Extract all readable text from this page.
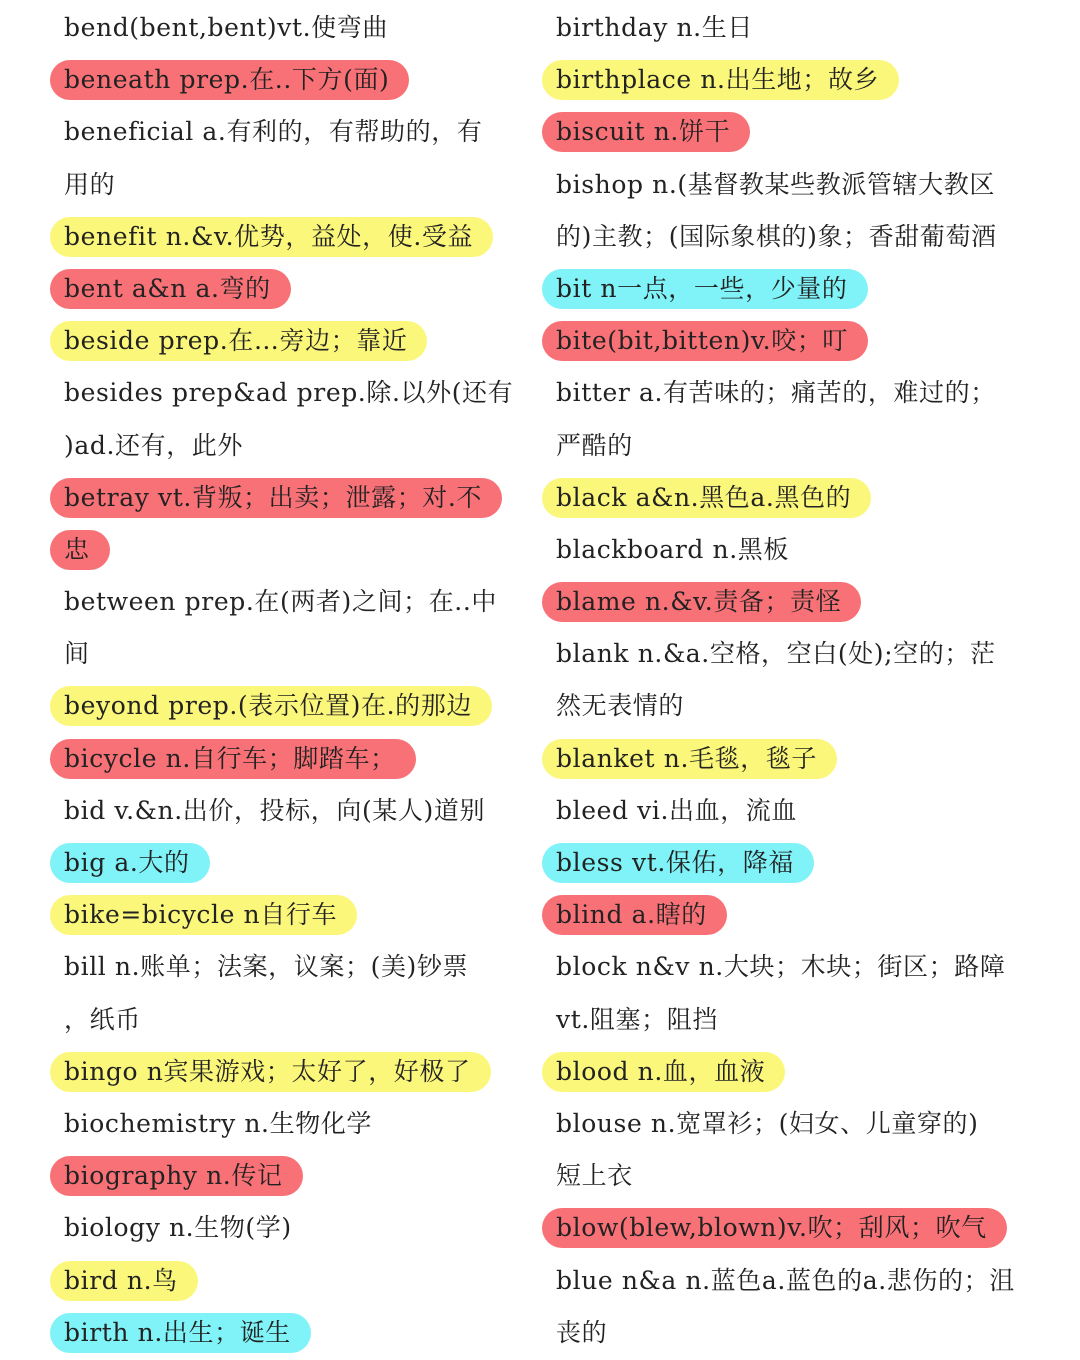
bend(bent,bent)vt.使弯曲
beneath prep.在..下方(面)
beneficial a.有利的，有帮助的，有
用的
benefit n.&v.优势，益处，使.受益
bent a&n a.弯的
beside prep.在…旁边；靠近
besides prep&ad prep.除.以外(还有
)ad.还有，此外
betray vt.背叛；出卖；泄露；对.不
忠
between prep.在(两者)之间；在..中
间
beyond prep.(表示位置)在.的那边
bicycle n.自行车；脚踏车；
bid v.&n.出价，投标，向(某人)道别
big a.大的
bike=bicycle n自行车
bill n.账单；法案，议案；(美)钞票
，纸币
bingo n宾果游戏；太好了，好极了
biochemistry n.生物化学
biography n.传记
biology n.生物(学)
bird n.鸟
birth n.出生；诞生
birthday n.生日
birthplace n.出生地；故乡
biscuit n.饼干
bishop n.(基督教某些教派管辖大教区
的)主教；(国际象棋的)象；香甜葡萄酒
bit n一点，一些，少量的
bite(bit,bitten)v.咬；叮
bitter a.有苦味的；痛苦的，难过的；
严酷的
black a&n.黑色a.黑色的
blackboard n.黑板
blame n.&v.责备；责怪
blank n.&a.空格，空白(处);空的；茫
然无表情的
blanket n.毛毯，毯子
bleed vi.出血，流血
bless vt.保佑，降福
blind a.瞎的
block n&v n.大块；木块；街区；路障
vt.阻塞；阻挡
blood n.血，血液
blouse n.宽罩衫；(妇女、儿童穿的)
短上衣
blow(blew,blown)v.吹；刮风；吹气
blue n&a n.蓝色a.蓝色的a.悲伤的；沮
丧的
